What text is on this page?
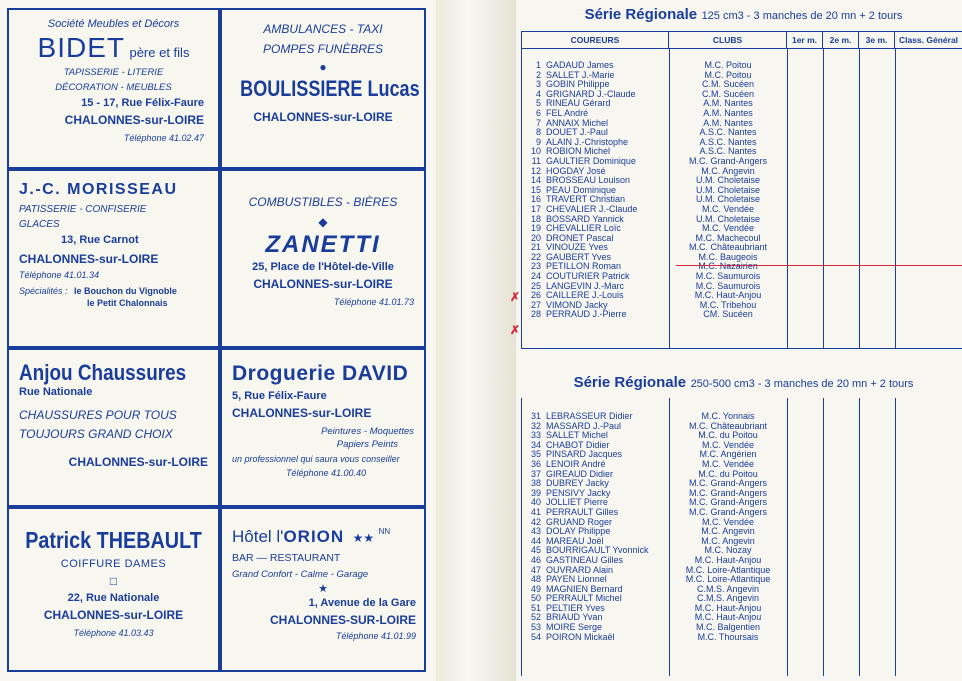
Société Meubles et Décors
BIDET père et fils
TAPISSERIE - LITERIE
DÉCORATION - MEUBLES
15 - 17, Rue Félix-Faure
CHALONNES-sur-LOIRE
Téléphone 41.02.47
AMBULANCES - TAXI
POMPES FUNÈBRES
●
BOULISSIERE Lucas
CHALONNES-sur-LOIRE
J.-C. MORISSEAU
PATISSERIE - CONFISERIE
GLACES
13, Rue Carnot
CHALONNES-sur-LOIRE
Téléphone 41.01.34
Spécialités : le Bouchon du Vignoble
le Petit Chalonnais
COMBUSTIBLES - BIÈRES
◆
ZANETTI
25, Place de l'Hôtel-de-Ville
CHALONNES-sur-LOIRE
Téléphone 41.01.73
Anjou Chaussures
Rue Nationale
CHAUSSURES POUR TOUS
TOUJOURS GRAND CHOIX
CHALONNES-sur-LOIRE
Droguerie DAVID
5, Rue Félix-Faure
CHALONNES-sur-LOIRE
Peintures - Moquettes
Papiers Peints
un professionnel qui saura vous conseiller
Téléphone 41.00.40
Patrick THEBAULT
COIFFURE DAMES
□
22, Rue Nationale
CHALONNES-sur-LOIRE
Téléphone 41.03.43
Hôtel l'ORION ★★ $^{NN}$
BAR — RESTAURANT
Grand Confort - Calme - Garage
★
1, Avenue de la Gare
CHALONNES-SUR-LOIRE
Téléphone 41.01.99
Série Régionale 125 cm3 - 3 manches de 20 mn + 2 tours
COUREURS	CLUBS	1er m.	2e m.	3e m.	Class. Général
1 GADAUD James	M.C. Poitou
2 SALLET J.-Marie	M.C. Poitou
3 GOBIN Philippe	C.M. Sucéen
4 GRIGNARD J.-Claude	C.M. Sucéen
5 RINEAU Gérard	A.M. Nantes
6 FEL André	A.M. Nantes
7 ANNAIX Michel	A.M. Nantes
8 DOUET J.-Paul	A.S.C. Nantes
9 ALAIN J.-Christophe	A.S.C. Nantes
10 ROBION Michel	A.S.C. Nantes
11 GAULTIER Dominique	M.C. Grand-Angers
12 HOGDAY José	M.C. Angevin
14 BROSSEAU Louison	U.M. Choletaise
15 PEAU Dominique	U.M. Choletaise
16 TRAVERT Christian	U.M. Choletaise
17 CHEVALIER J.-Claude	M.C. Vendée
18 BOSSARD Yannick	U.M. Choletaise
19 CHEVALLIER Loïc	M.C. Vendée
20 DRONET Pascal	M.C. Machecoul
21 VINOUZE Yves	M.C. Châteaubriant
22 GAUBERT Yves	M.C. Baugeois
23 PETILLON Roman	M.C. Nazairien
24 COUTURIER Patrick	M.C. Saumurois
25 LANGEVIN J.-Marc	M.C. Saumurois
26 CAILLERE J.-Louis	M.C. Haut-Anjou
27 VIMOND Jacky	M.C. Tribehou
28 PERRAUD J.-Pierre	CM. Sucéen
Série Régionale 250-500 cm3 - 3 manches de 20 mn + 2 tours
31 LEBRASSEUR Didier	M.C. Yonnais
32 MASSARD J.-Paul	M.C. Châteaubriant
33 SALLET Michel	M.C. du Poitou
34 CHABOT Didier	M.C. Vendée
35 PINSARD Jacques	M.C. Angérien
36 LENOIR André	M.C. Vendée
37 GIREAUD Didier	M.C. du Poitou
38 DUBREY Jacky	M.C. Grand-Angers
39 PENSIVY Jacky	M.C. Grand-Angers
40 JOLLIET Pierre	M.C. Grand-Angers
41 PERRAULT Gilles	M.C. Grand-Angers
42 GRUAND Roger	M.C. Vendée
43 DOLAY Philippe	M.C. Angevin
44 MAREAU Joël	M.C. Angevin
45 BOURRIGAULT Yvonnick	M.C. Nozay
46 GASTINEAU Gilles	M.C. Haut-Anjou
47 OUVRARD Alain	M.C. Loire-Atlantique
48 PAYEN Lionnel	M.C. Loire-Atlantique
49 MAGNIEN Bernard	C.M.S. Angevin
50 PERRAULT Michel	C.M.S. Angevin
51 PELTIER Yves	M.C. Haut-Anjou
52 BRIAUD Yvan	M.C. Haut-Anjou
53 MOIRE Serge	M.C. Balgentien
54 POIRON Mickaël	M.C. Thoursais
✗
✗
